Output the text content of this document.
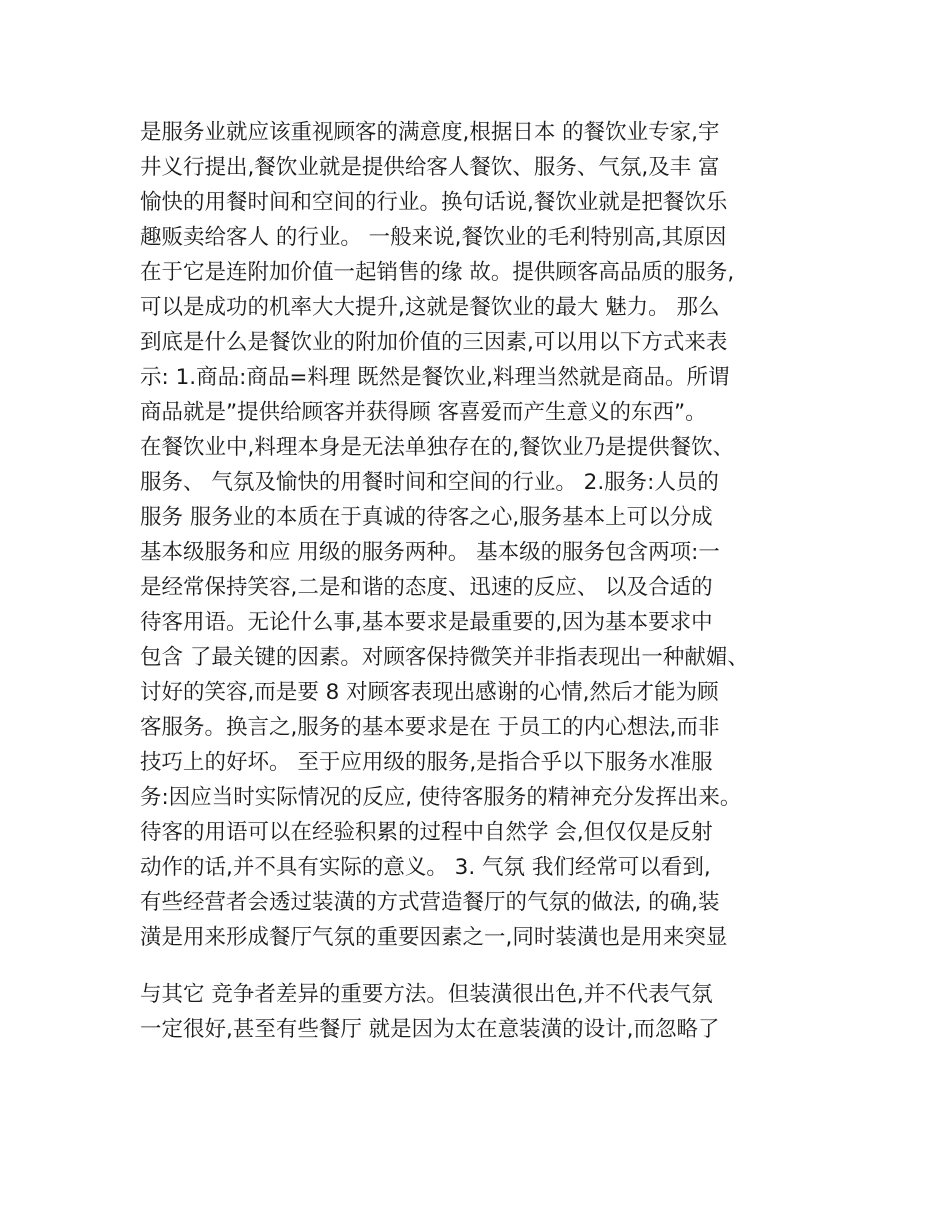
是服务业就应该重视顾客的满意度,根据日本 的餐饮业专家,宇
井义行提出,餐饮业就是提供给客人餐饮、服务、气氛,及丰 富
愉快的用餐时间和空间的行业。换句话说,餐饮业就是把餐饮乐
趣贩卖给客人 的行业。 一般来说,餐饮业的毛利特别高,其原因
在于它是连附加价值一起销售的缘 故。提供顾客高品质的服务,
可以是成功的机率大大提升,这就是餐饮业的最大 魅力。 那么
到底是什么是餐饮业的附加价值的三因素,可以用以下方式来表
示: 1.商品:商品=料理 既然是餐饮业,料理当然就是商品。所谓
商品就是”提供给顾客并获得顾 客喜爱而产生意义的东西”。
在餐饮业中,料理本身是无法单独存在的,餐饮业乃是提供餐饮、
服务、 气氛及愉快的用餐时间和空间的行业。 2.服务:人员的
服务 服务业的本质在于真诚的待客之心,服务基本上可以分成
基本级服务和应 用级的服务两种。 基本级的服务包含两项:一
是经常保持笑容,二是和谐的态度、迅速的反应、 以及合适的
待客用语。无论什么事,基本要求是最重要的,因为基本要求中
包含 了最关键的因素。对顾客保持微笑并非指表现出一种献媚、
讨好的笑容,而是要 8 对顾客表现出感谢的心情,然后才能为顾
客服务。换言之,服务的基本要求是在 于员工的内心想法,而非
技巧上的好坏。 至于应用级的服务,是指合乎以下服务水准服
务:因应当时实际情况的反应, 使待客服务的精神充分发挥出来。
待客的用语可以在经验积累的过程中自然学 会,但仅仅是反射
动作的话,并不具有实际的意义。 3. 气氛 我们经常可以看到,
有些经营者会透过装潢的方式营造餐厅的气氛的做法, 的确,装
潢是用来形成餐厅气氛的重要因素之一,同时装潢也是用来突显
与其它 竞争者差异的重要方法。但装潢很出色,并不代表气氛
一定很好,甚至有些餐厅 就是因为太在意装潢的设计,而忽略了
